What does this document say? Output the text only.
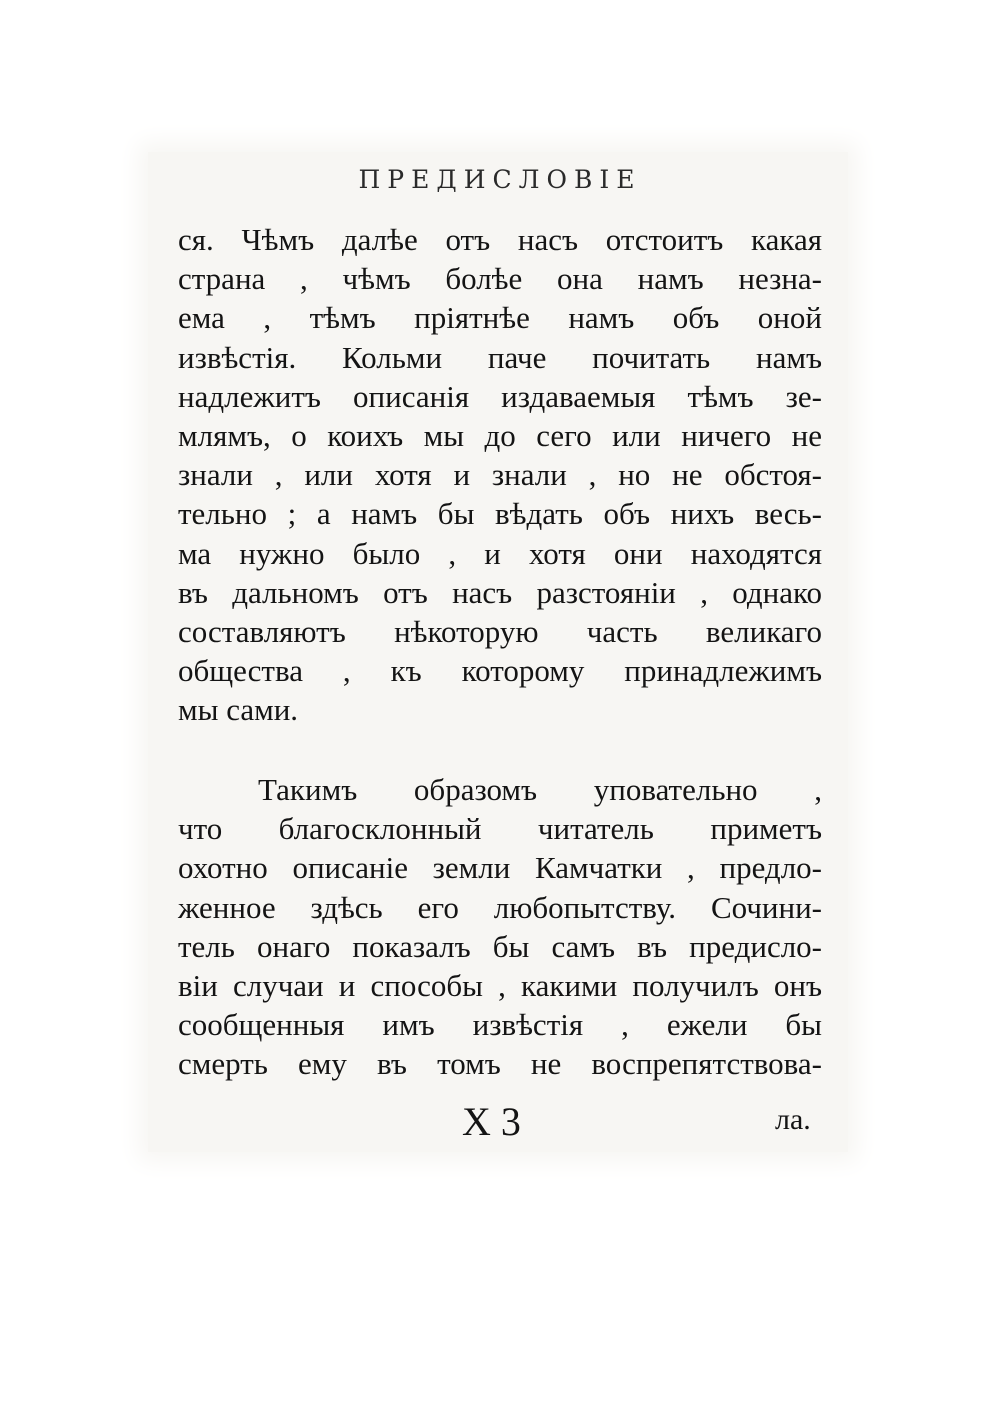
ПРЕДИСЛОВІЕ

ся. Чѣмъ далѣе отъ насъ отстоитъ какая
страна , чѣмъ болѣе она намъ незна-
ема , тѣмъ пріятнѣе намъ объ оной
извѣстія. Кольми паче почитать намъ
надлежитъ описанія издаваемыя тѣмъ зе-
млямъ, о коихъ мы до сего или ничего не
знали , или хотя и знали , но не обстоя-
тельно ; а намъ бы вѣдать объ нихъ весь-
ма нужно было , и хотя они находятся
въ дальномъ отъ насъ разстояніи , однако
составляютъ нѣкоторую часть великаго
общества , къ которому принадлежимъ
мы сами.

Такимъ образомъ уповательно ,
что благосклонный читатель приметъ
охотно описаніе земли Камчатки , предло-
женное здѣсь его любопытству. Сочини-
тель онаго показалъ бы самъ въ предисло-
віи случаи и способы , какими получилъ онъ
сообщенныя имъ извѣстія , ежели бы
смерть ему въ томъ не воспрепятствова-

X 3	ла.
